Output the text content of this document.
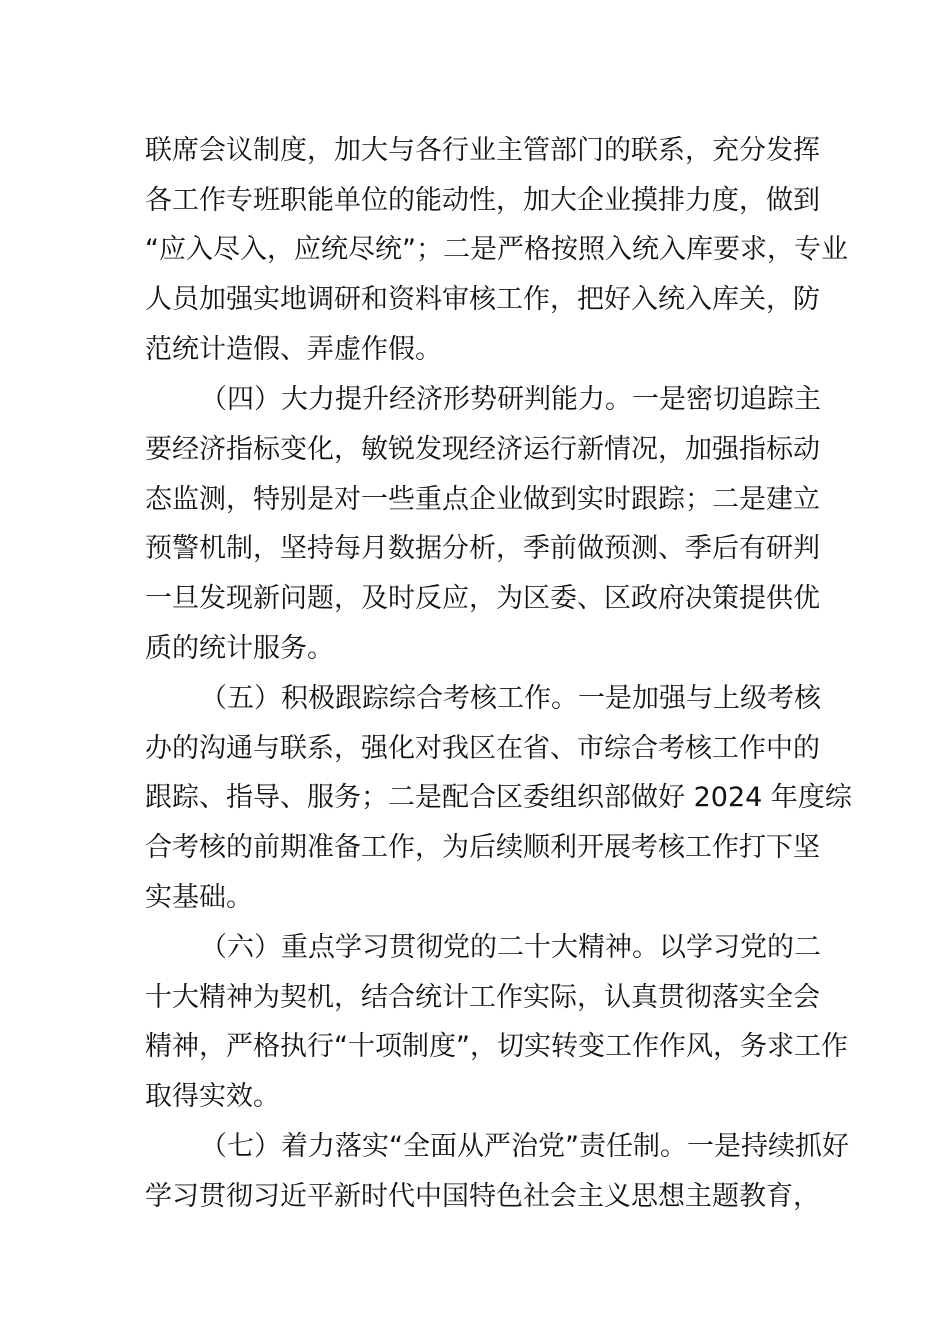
联席会议制度，加大与各行业主管部门的联系，充分发挥
各工作专班职能单位的能动性，加大企业摸排力度，做到
“应入尽入，应统尽统”；二是严格按照入统入库要求，专业
人员加强实地调研和资料审核工作，把好入统入库关，防
范统计造假、弄虚作假。
（四）大力提升经济形势研判能力。一是密切追踪主
要经济指标变化，敏锐发现经济运行新情况，加强指标动
态监测，特别是对一些重点企业做到实时跟踪；二是建立
预警机制，坚持每月数据分析，季前做预测、季后有研判
一旦发现新问题，及时反应，为区委、区政府决策提供优
质的统计服务。
（五）积极跟踪综合考核工作。一是加强与上级考核
办的沟通与联系，强化对我区在省、市综合考核工作中的
跟踪、指导、服务；二是配合区委组织部做好 2024 年度综
合考核的前期准备工作，为后续顺利开展考核工作打下坚
实基础。
（六）重点学习贯彻党的二十大精神。以学习党的二
十大精神为契机，结合统计工作实际，认真贯彻落实全会
精神，严格执行“十项制度”，切实转变工作作风，务求工作
取得实效。
（七）着力落实“全面从严治党”责任制。一是持续抓好
学习贯彻习近平新时代中国特色社会主义思想主题教育，
